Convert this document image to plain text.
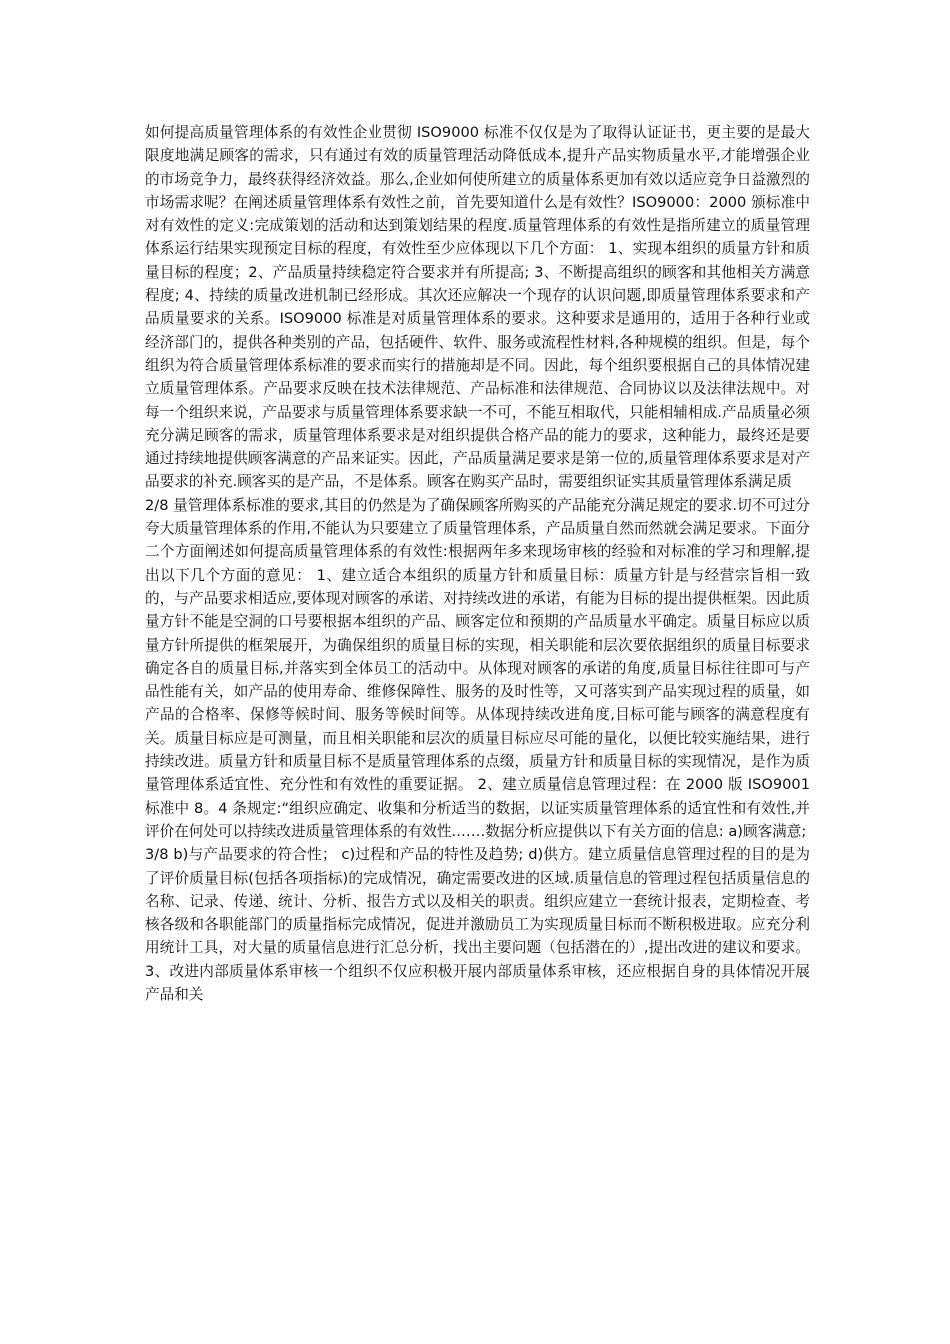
如何提高质量管理体系的有效性企业贯彻 ISO9000 标准不仅仅是为了取得认证证书，更主要的是最大限度地满足顾客的需求，只有通过有效的质量管理活动降低成本,提升产品实物质量水平,才能增强企业的市场竞争力，最终获得经济效益。那么,企业如何使所建立的质量体系更加有效以适应竞争日益激烈的市场需求呢？在阐述质量管理体系有效性之前，首先要知道什么是有效性？ISO9000：2000 颁标准中对有效性的定义:完成策划的活动和达到策划结果的程度.质量管理体系的有效性是指所建立的质量管理体系运行结果实现预定目标的程度，有效性至少应体现以下几个方面： 1、实现本组织的质量方针和质量目标的程度；2、产品质量持续稳定符合要求并有所提高; 3、不断提高组织的顾客和其他相关方满意程度; 4、持续的质量改进机制已经形成。其次还应解决一个现存的认识问题,即质量管理体系要求和产品质量要求的关系。ISO9000 标准是对质量管理体系的要求。这种要求是通用的，适用于各种行业或经济部门的，提供各种类别的产品，包括硬件、软件、服务或流程性材料,各种规模的组织。但是，每个组织为符合质量管理体系标准的要求而实行的措施却是不同。因此，每个组织要根据自己的具体情况建立质量管理体系。产品要求反映在技术法律规范、产品标准和法律规范、合同协议以及法律法规中。对每一个组织来说，产品要求与质量管理体系要求缺一不可，不能互相取代，只能相辅相成.产品质量必须充分满足顾客的需求，质量管理体系要求是对组织提供合格产品的能力的要求，这种能力，最终还是要通过持续地提供顾客满意的产品来证实。因此，产品质量满足要求是第一位的,质量管理体系要求是对产品要求的补充.顾客买的是产品，不是体系。顾客在购买产品时，需要组织证实其质量管理体系满足质

2/8 量管理体系标准的要求,其目的仍然是为了确保顾客所购买的产品能充分满足规定的要求.切不可过分夸大质量管理体系的作用,不能认为只要建立了质量管理体系，产品质量自然而然就会满足要求。下面分二个方面阐述如何提高质量管理体系的有效性:根据两年多来现场审核的经验和对标准的学习和理解,提出以下几个方面的意见： 1、建立适合本组织的质量方针和质量目标：质量方针是与经营宗旨相一致的，与产品要求相适应,要体现对顾客的承诺、对持续改进的承诺，有能为目标的提出提供框架。因此质量方针不能是空洞的口号要根据本组织的产品、顾客定位和预期的产品质量水平确定。质量目标应以质量方针所提供的框架展开，为确保组织的质量目标的实现，相关职能和层次要依据组织的质量目标要求确定各自的质量目标,并落实到全体员工的活动中。从体现对顾客的承诺的角度,质量目标往往即可与产品性能有关，如产品的使用寿命、维修保障性、服务的及时性等，又可落实到产品实现过程的质量，如产品的合格率、保修等候时间、服务等候时间等。从体现持续改进角度,目标可能与顾客的满意程度有关。质量目标应是可测量，而且相关职能和层次的质量目标应尽可能的量化，以便比较实施结果，进行持续改进。质量方针和质量目标不是质量管理体系的点缀，质量方针和质量目标的实现情况，是作为质量管理体系适宜性、充分性和有效性的重要证据。 2、建立质量信息管理过程：在 2000 版 ISO9001 标准中 8。4 条规定:“组织应确定、收集和分析适当的数据，以证实质量管理体系的适宜性和有效性,并评价在何处可以持续改进质量管理体系的有效性.……数据分析应提供以下有关方面的信息: a)顾客满意;

3/8 b)与产品要求的符合性； c)过程和产品的特性及趋势; d)供方。建立质量信息管理过程的目的是为了评价质量目标(包括各项指标)的完成情况，确定需要改进的区域.质量信息的管理过程包括质量信息的名称、记录、传递、统计、分析、报告方式以及相关的职责。组织应建立一套统计报表，定期检查、考核各级和各职能部门的质量指标完成情况，促进并激励员工为实现质量目标而不断积极进取。应充分利用统计工具，对大量的质量信息进行汇总分析，找出主要问题（包括潜在的）,提出改进的建议和要求。 3、改进内部质量体系审核一个组织不仅应积极开展内部质量体系审核，还应根据自身的具体情况开展产品和关
